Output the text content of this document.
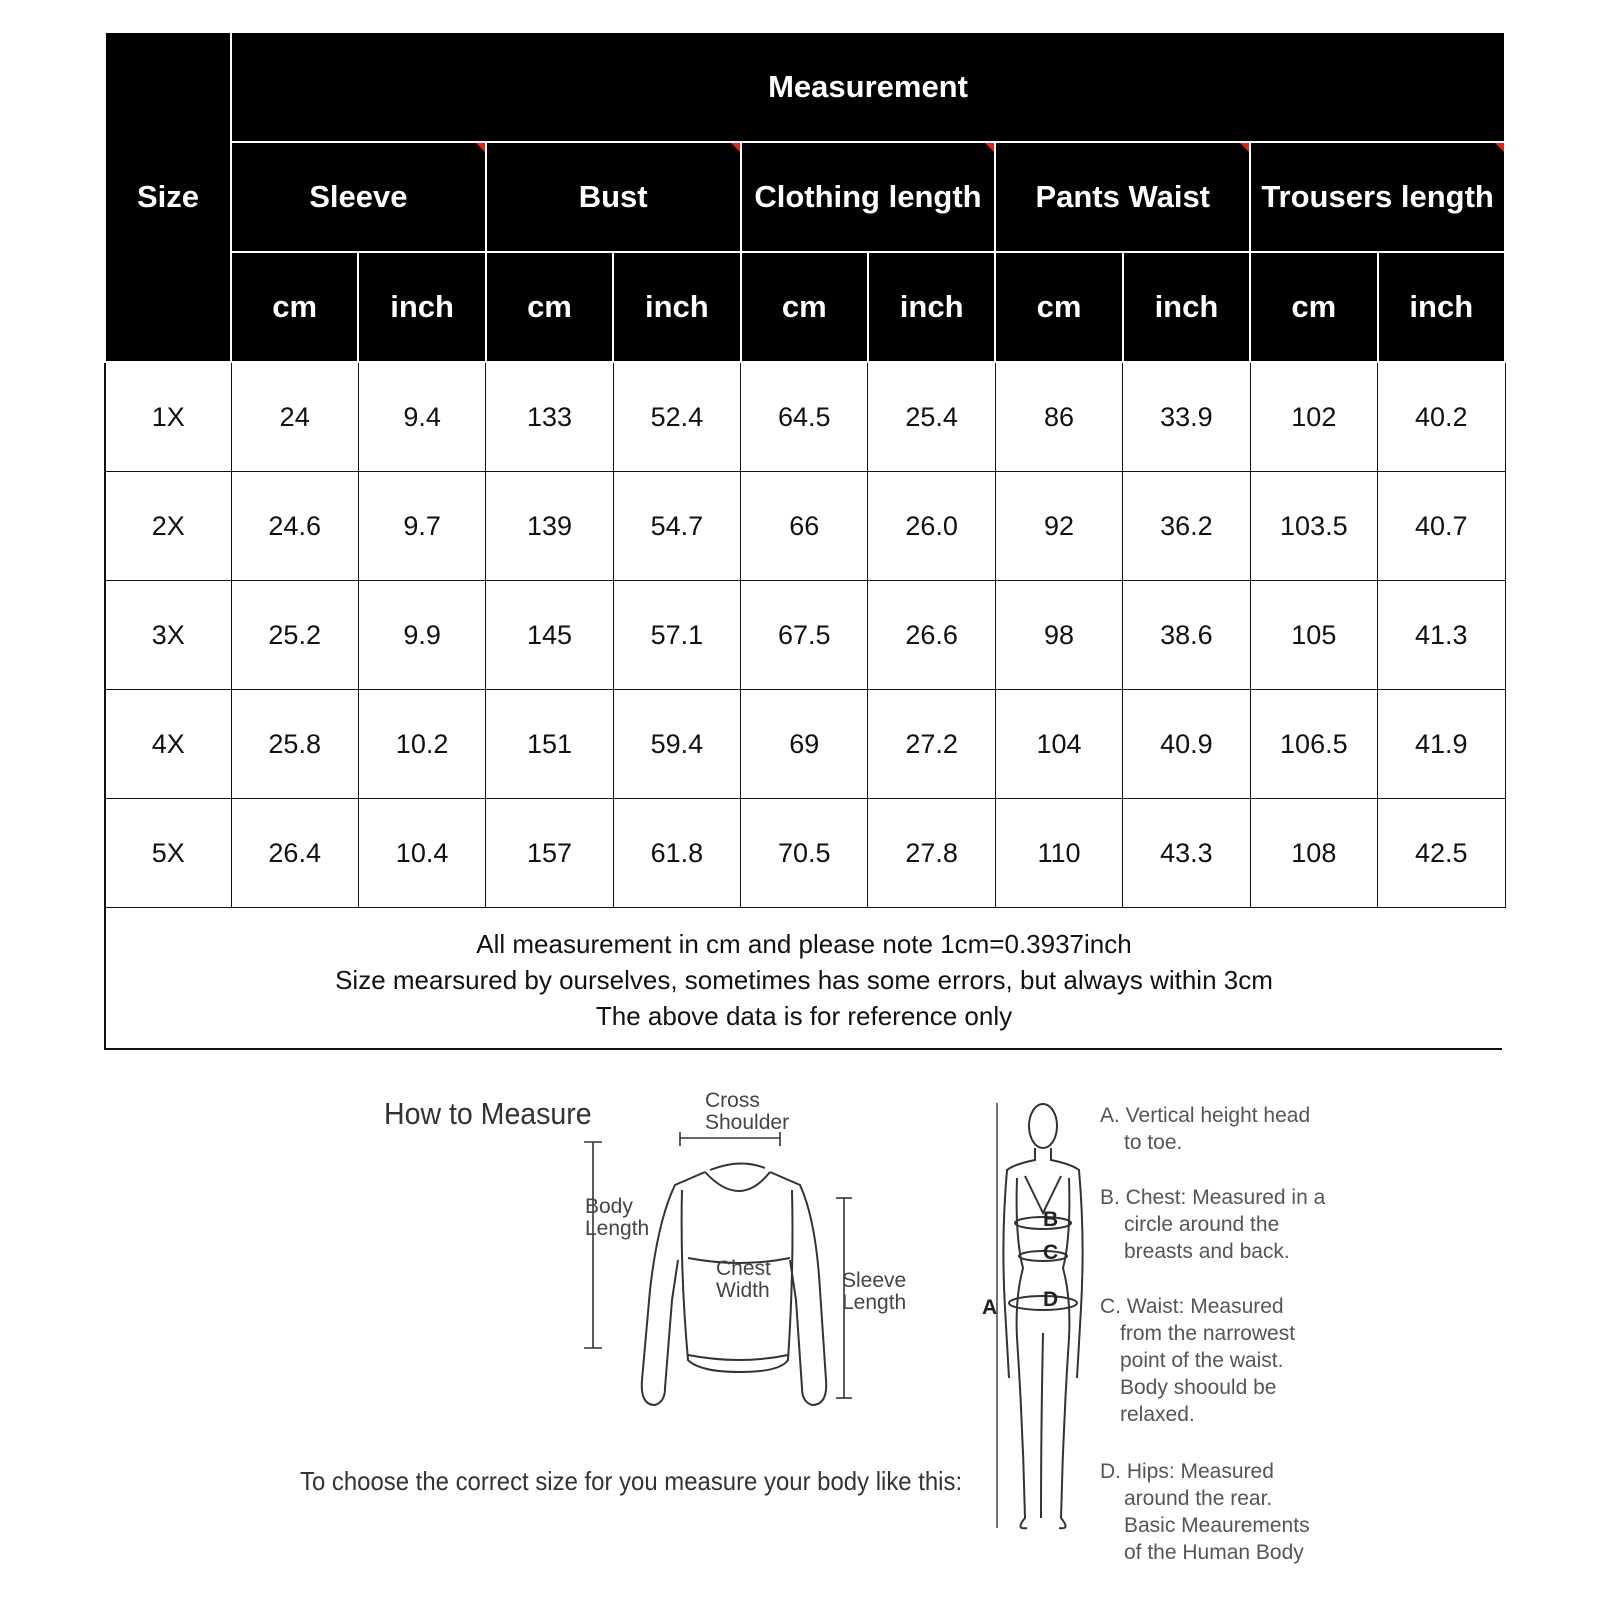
Size	Measurement									
	Sleeve		Bust		Clothing length		Pants Waist		Trousers length	
	cm	inch	cm	inch	cm	inch	cm	inch	cm	inch
1X	24	9.4	133	52.4	64.5	25.4	86	33.9	102	40.2
2X	24.6	9.7	139	54.7	66	26.0	92	36.2	103.5	40.7
3X	25.2	9.9	145	57.1	67.5	26.6	98	38.6	105	41.3
4X	25.8	10.2	151	59.4	69	27.2	104	40.9	106.5	41.9
5X	26.4	10.4	157	61.8	70.5	27.8	110	43.3	108	42.5
All measurement in cm and please note 1cm=0.3937inch
Size mearsured by ourselves, sometimes has some errors, but always within 3cm
The above data is for reference only
How to Measure	Cross
Shoulder
Body
Length
Chest
Width	Sleeve
Length
To choose the correct size for you measure your body like this:
B
C
D
A
A. Vertical height head
to toe.
B. Chest: Measured in a
circle around the
breasts and back.
C. Waist: Measured
from the narrowest
point of the waist.
Body shoould be
relaxed.
D. Hips: Measured
around the rear.
Basic Meaurements
of the Human Body
